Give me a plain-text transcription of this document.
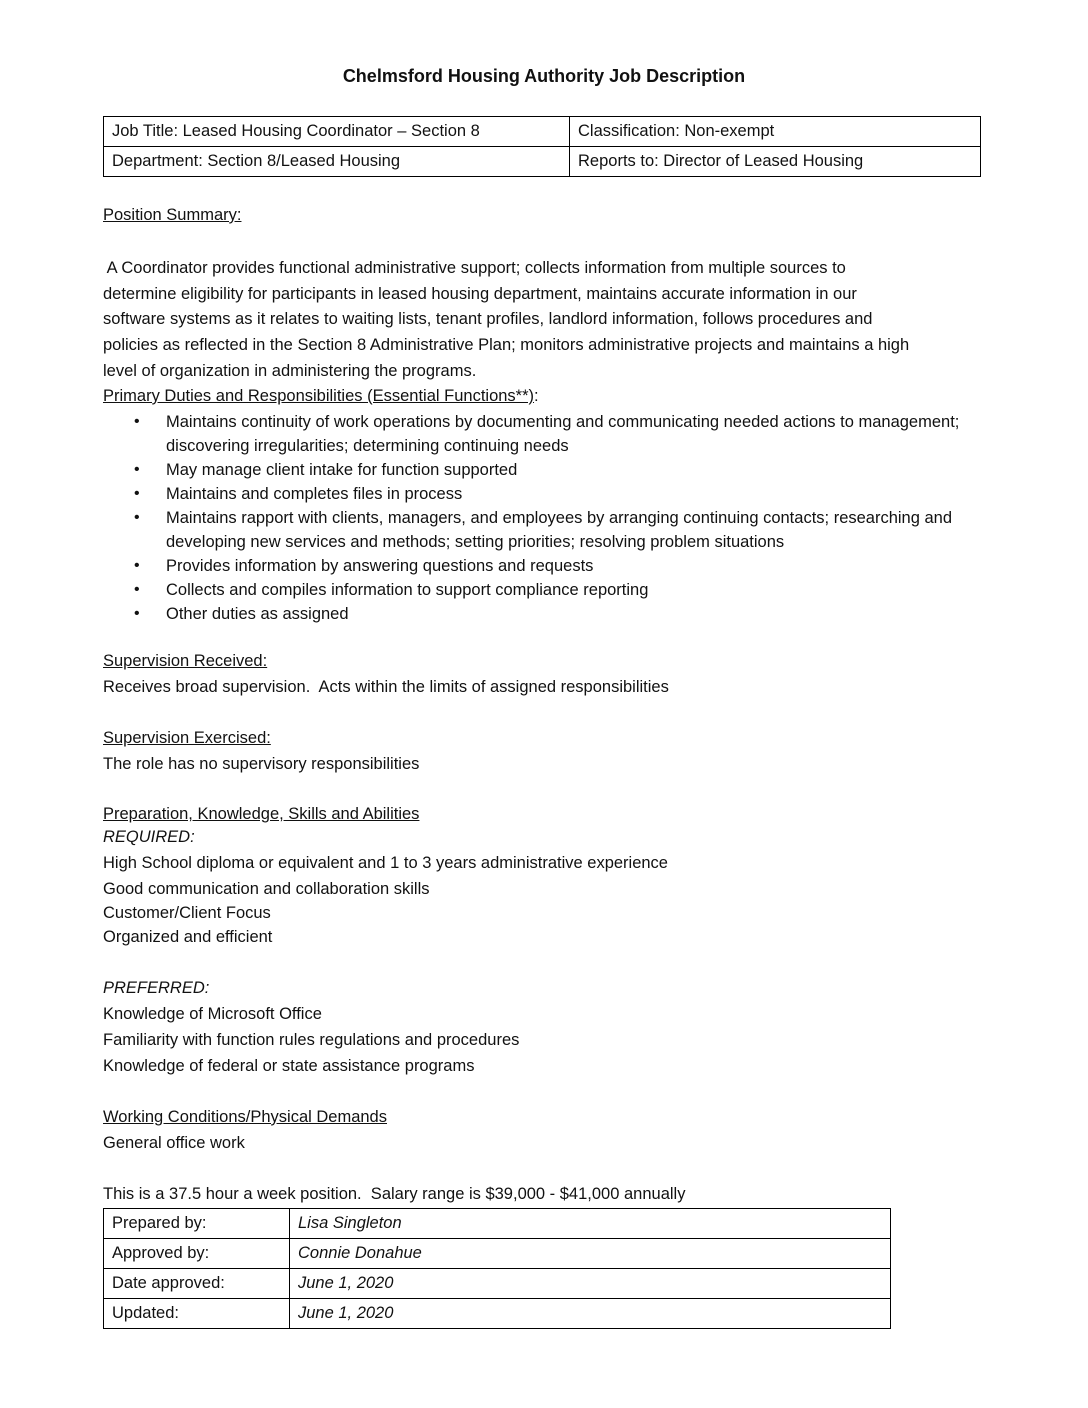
Chelmsford Housing Authority Job Description
Job Title: Leased Housing Coordinator – Section 8	Classification: Non-exempt
Department: Section 8/Leased Housing	Reports to: Director of Leased Housing
Position Summary:

A Coordinator provides functional administrative support; collects information from multiple sources to
determine eligibility for participants in leased housing department, maintains accurate information in our
software systems as it relates to waiting lists, tenant profiles, landlord information, follows procedures and
policies as reflected in the Section 8 Administrative Plan; monitors administrative projects and maintains a high
level of organization in administering the programs.
Primary Duties and Responsibilities (Essential Functions**):
• Maintains continuity of work operations by documenting and communicating needed actions to management; discovering irregularities; determining continuing needs
• May manage client intake for function supported
• Maintains and completes files in process
• Maintains rapport with clients, managers, and employees by arranging continuing contacts; researching and developing new services and methods; setting priorities; resolving problem situations
• Provides information by answering questions and requests
• Collects and compiles information to support compliance reporting
• Other duties as assigned
Supervision Received:
Receives broad supervision.  Acts within the limits of assigned responsibilities
Supervision Exercised:
The role has no supervisory responsibilities
Preparation, Knowledge, Skills and Abilities
REQUIRED:
High School diploma or equivalent and 1 to 3 years administrative experience
Good communication and collaboration skills
Customer/Client Focus
Organized and efficient
PREFERRED:
Knowledge of Microsoft Office
Familiarity with function rules regulations and procedures
Knowledge of federal or state assistance programs
Working Conditions/Physical Demands
General office work
This is a 37.5 hour a week position.  Salary range is $39,000 - $41,000 annually
Prepared by:	Lisa Singleton
Approved by:	Connie Donahue
Date approved:	June 1, 2020
Updated:	June 1, 2020
